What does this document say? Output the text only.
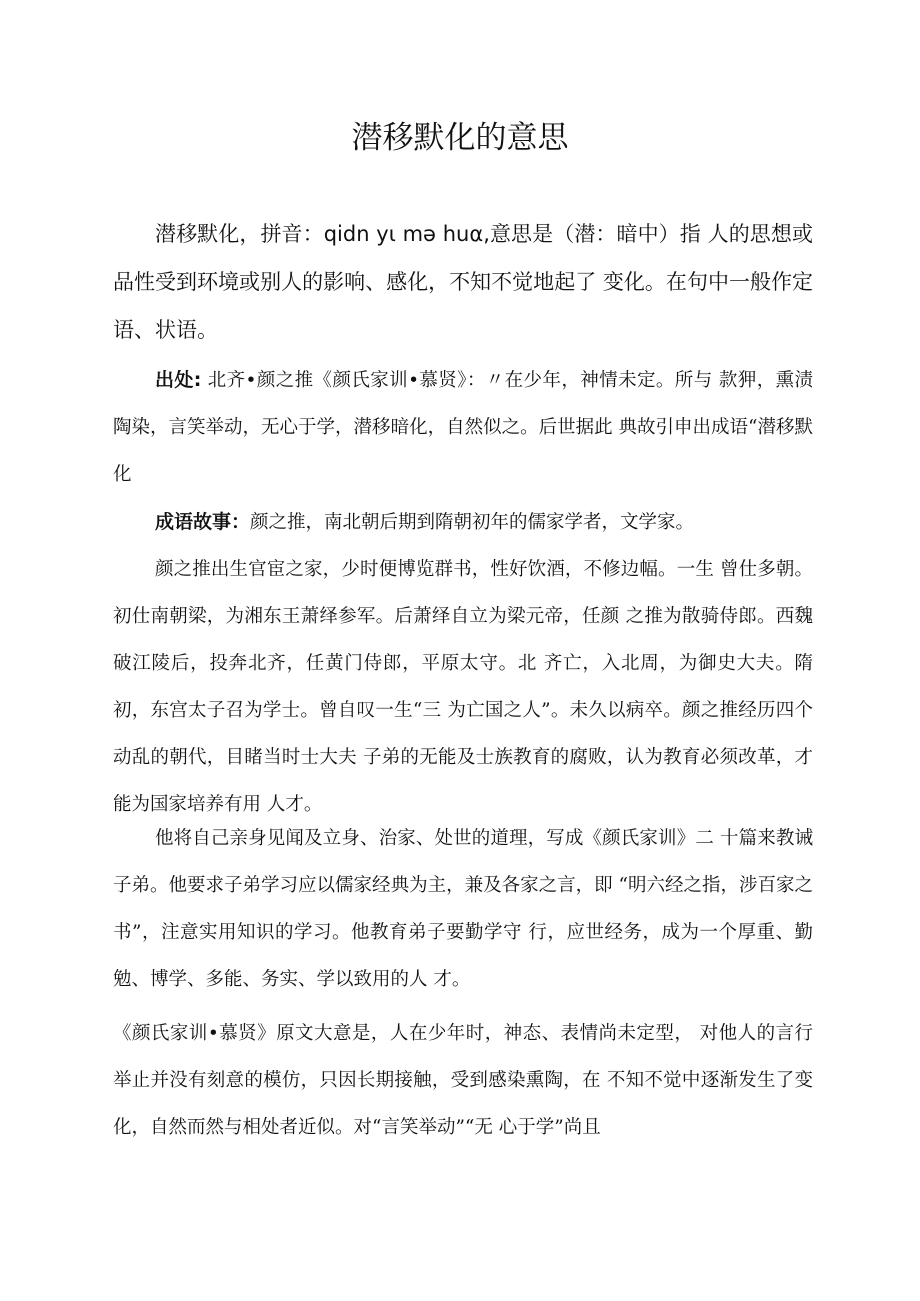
潜移默化的意思

潜移默化，拼音：qidn yι mə huα,意思是（潜：暗中）指 人的思想或品性受到环境或别人的影响、感化，不知不觉地起了 变化。在句中一般作定语、状语。

出处: 北齐•颜之推《颜氏家训•慕贤》：〃在少年，神情未定。所与 款狎，熏渍陶染，言笑举动，无心于学，潜移暗化，自然似之。后世据此 典故引申出成语“潜移默化

成语故事：颜之推，南北朝后期到隋朝初年的儒家学者，文学家。

颜之推出生官宦之家，少时便博览群书，性好饮酒，不修边幅。一生 曾仕多朝。初仕南朝梁，为湘东王萧绎参军。后萧绎自立为梁元帝，任颜 之推为散骑侍郎。西魏破江陵后，投奔北齐，任黄门侍郎，平原太守。北 齐亡，入北周，为御史大夫。隋初，东宫太子召为学士。曾自叹一生“三 为亡国之人”。未久以病卒。颜之推经历四个动乱的朝代，目睹当时士大夫 子弟的无能及士族教育的腐败，认为教育必须改革，才能为国家培养有用 人才。

他将自己亲身见闻及立身、治家、处世的道理，写成《颜氏家训》二 十篇来教诫子弟。他要求子弟学习应以儒家经典为主，兼及各家之言，即 “明六经之指，涉百家之书”，注意实用知识的学习。他教育弟子要勤学守 行，应世经务，成为一个厚重、勤勉、博学、多能、务实、学以致用的人 才。

《颜氏家训•慕贤》原文大意是，人在少年时，神态、表情尚未定型， 对他人的言行举止并没有刻意的模仿，只因长期接触，受到感染熏陶，在 不知不觉中逐渐发生了变化，自然而然与相处者近似。对“言笑举动”“无 心于学”尚且
